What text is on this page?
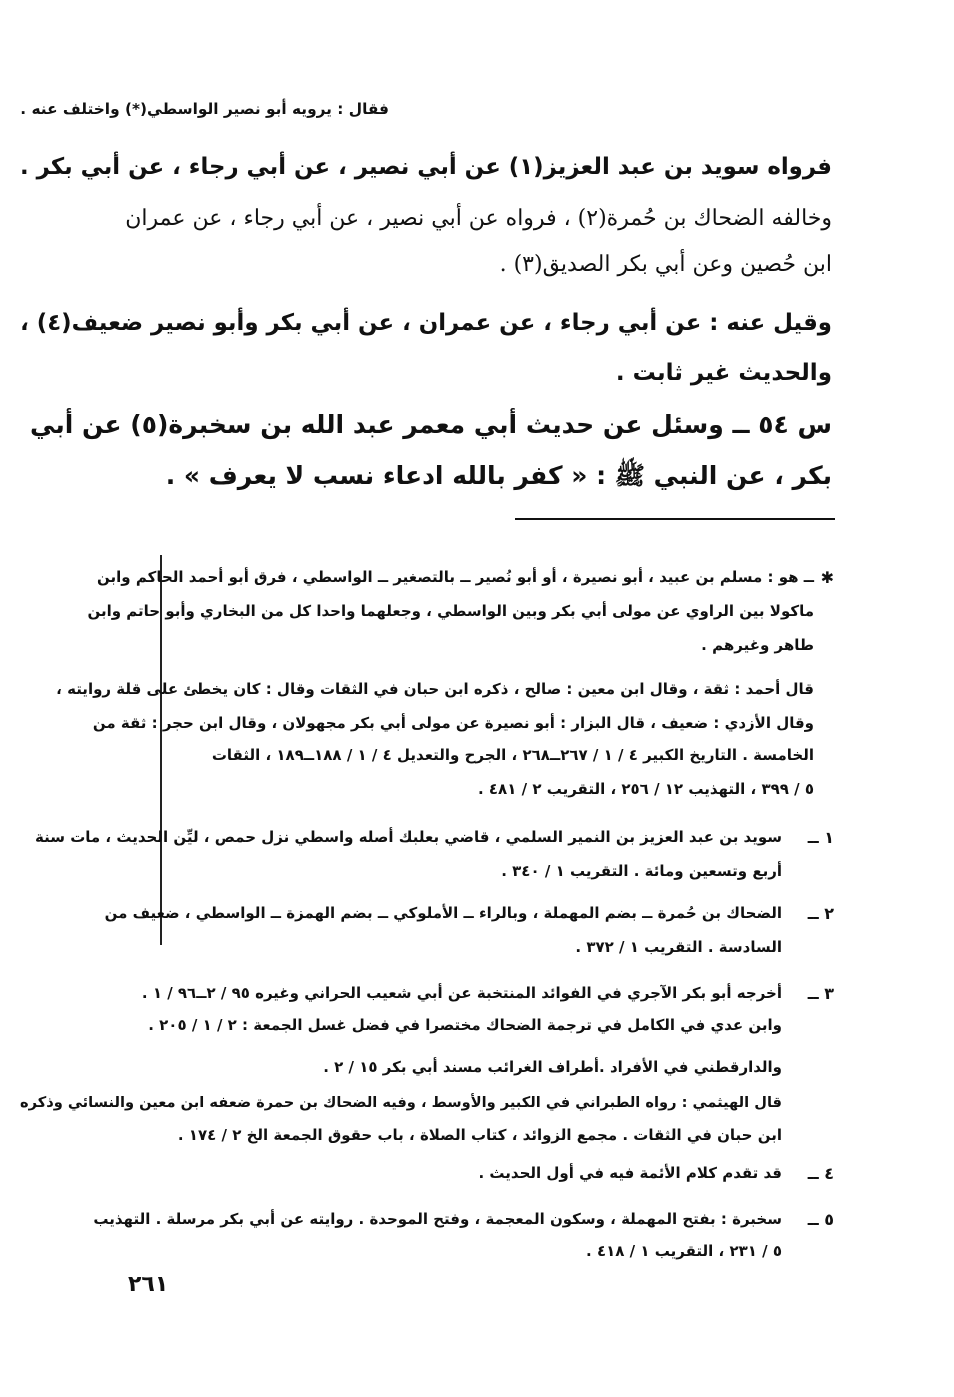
فقال : يرويه أبو نصير الواسطي(*) واختلف عنه .
فرواه سويد بن عبد العزيز(١) عن أبي نصير ، عن أبي رجاء ، عن أبي بكر .
وخالفه الضحاك بن حُمرة(٢) ، فرواه عن أبي نصير ، عن أبي رجاء ، عن عمران
ابن حُصين وعن أبي بكر الصديق(٣) .
وقيل عنه : عن أبي رجاء ، عن عمران ، عن أبي بكر وأبو نصير ضعيف(٤) ،
والحديث غير ثابت .
س ٥٤ ــ وسئل عن حديث أبي معمر عبد الله بن سخبرة(٥) عن أبي
بكر ، عن النبي ﷺ : « كفر بالله ادعاء نسب لا يعرف » .
✱
ــ هو : مسلم بن عبيد ، أبو نصيرة ، أو أبو نُصير ــ بالتصغير ــ الواسطي ، فرق أبو أحمد الحاكم وابن
ماكولا بين الراوي عن مولى أبي بكر وبين الواسطي ، وجعلهما واحدا كل من البخاري وأبو حاتم وابن
طاهر وغيرهم .
قال أحمد : ثقة ، وقال ابن معين : صالح ، ذكره ابن حبان في الثقات وقال : كان يخطئ على قلة روايته ،
وقال الأزدي : ضعيف ، قال البزار : أبو نصيرة عن مولى أبي بكر مجهولان ، وقال ابن حجر : ثقة من
الخامسة . التاريخ الكبير ٤ / ١ / ٢٦٧ــ٢٦٨ ، الجرح والتعديل ٤ / ١ / ١٨٨ــ١٨٩ ، الثقات
٥ / ٣٩٩ ، التهذيب ١٢ / ٢٥٦ ، التقريب ٢ / ٤٨١ .
١ ــ
سويد بن عبد العزيز بن النمير السلمي ، قاضي بعلبك أصله واسطي نزل حمص ، ليِّن الحديث ، مات سنة
أربع وتسعين ومائة . التقريب ١ / ٣٤٠ .
٢ ــ
الضحاك بن حُمرة ــ بضم المهملة ، وبالراء ــ الأملوكي ــ بضم الهمزة ــ الواسطي ، ضعيف من
السادسة . التقريب ١ / ٣٧٢ .
٣ ــ
أخرجه أبو بكر الآجري في الفوائد المنتخبة عن أبي شعيب الحراني وغيره ٩٥ / ٢ــ٩٦ / ١ .
وابن عدي في الكامل في ترجمة الضحاك مختصرا في فضل غسل الجمعة : ٢ / ١ / ٢٠٥ .
والدارقطني في الأفراد .أطراف الغرائب مسند أبي بكر ١٥ / ٢ .
قال الهيثمي : رواه الطبراني في الكبير والأوسط ، وفيه الضحاك بن حمرة ضعفه ابن معين والنسائي وذكره
ابن حبان في الثقات . مجمع الزوائد ، كتاب الصلاة ، باب حقوق الجمعة الخ ٢ / ١٧٤ .
٤ ــ
قد تقدم كلام الأئمة فيه في أول الحديث .
٥ ــ
سخبرة : بفتح المهملة ، وسكون المعجمة ، وفتح الموحدة . روايته عن أبي بكر مرسلة . التهذيب
٥ / ٢٣١ ، التقريب ١ / ٤١٨ .
٢٦١
